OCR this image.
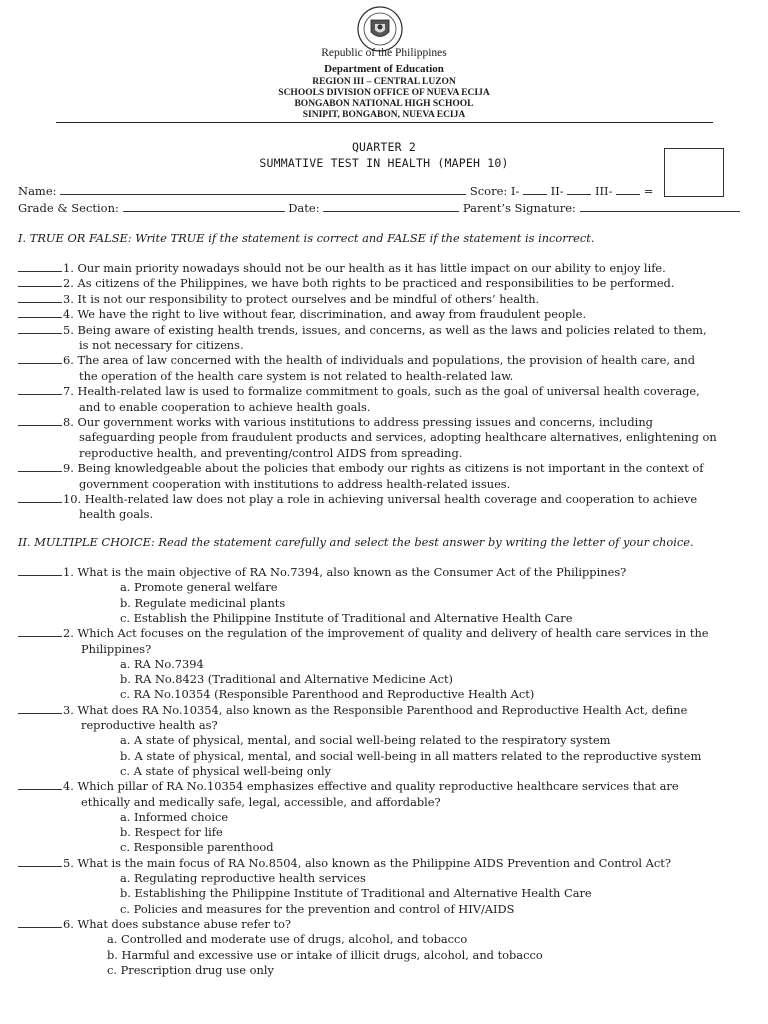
Republic of the Philippines
Department of Education
REGION III – CENTRAL LUZON
SCHOOLS DIVISION OFFICE OF NUEVA ECIJA
BONGABON NATIONAL HIGH SCHOOL
SINIPIT, BONGABON, NUEVA ECIJA
QUARTER 2
SUMMATIVE TEST IN HEALTH (MAPEH 10)
Name:	Score: I-	II-	III-	=
Grade & Section:	Date:	Parent’s Signature:
I. TRUE OR FALSE: Write TRUE if the statement is correct and FALSE if the statement is incorrect.
1. Our main priority nowadays should not be our health as it has little impact on our ability to enjoy life.
2. As citizens of the Philippines, we have both rights to be practiced and responsibilities to be performed.
3. It is not our responsibility to protect ourselves and be mindful of others’ health.
4. We have the right to live without fear, discrimination, and away from fraudulent people.
5. Being aware of existing health trends, issues, and concerns, as well as the laws and policies related to them,
is not necessary for citizens.
6. The area of law concerned with the health of individuals and populations, the provision of health care, and
the operation of the health care system is not related to health-related law.
7. Health-related law is used to formalize commitment to goals, such as the goal of universal health coverage,
and to enable cooperation to achieve health goals.
8. Our government works with various institutions to address pressing issues and concerns, including
safeguarding people from fraudulent products and services, adopting healthcare alternatives, enlightening on
reproductive health, and preventing/control AIDS from spreading.
9. Being knowledgeable about the policies that embody our rights as citizens is not important in the context of
government cooperation with institutions to address health-related issues.
10. Health-related law does not play a role in achieving universal health coverage and cooperation to achieve
health goals.
II. MULTIPLE CHOICE: Read the statement carefully and select the best answer by writing the letter of your choice.
1. What is the main objective of RA No.7394, also known as the Consumer Act of the Philippines?
a. Promote general welfare
b. Regulate medicinal plants
c. Establish the Philippine Institute of Traditional and Alternative Health Care
2. Which Act focuses on the regulation of the improvement of quality and delivery of health care services in the
Philippines?
a. RA No.7394
b. RA No.8423 (Traditional and Alternative Medicine Act)
c. RA No.10354 (Responsible Parenthood and Reproductive Health Act)
3. What does RA No.10354, also known as the Responsible Parenthood and Reproductive Health Act, define
reproductive health as?
a. A state of physical, mental, and social well-being related to the respiratory system
b. A state of physical, mental, and social well-being in all matters related to the reproductive system
c. A state of physical well-being only
4. Which pillar of RA No.10354 emphasizes effective and quality reproductive healthcare services that are
ethically and medically safe, legal, accessible, and affordable?
a. Informed choice
b. Respect for life
c. Responsible parenthood
5. What is the main focus of RA No.8504, also known as the Philippine AIDS Prevention and Control Act?
a. Regulating reproductive health services
b. Establishing the Philippine Institute of Traditional and Alternative Health Care
c. Policies and measures for the prevention and control of HIV/AIDS
6. What does substance abuse refer to?
a. Controlled and moderate use of drugs, alcohol, and tobacco
b. Harmful and excessive use or intake of illicit drugs, alcohol, and tobacco
c. Prescription drug use only
